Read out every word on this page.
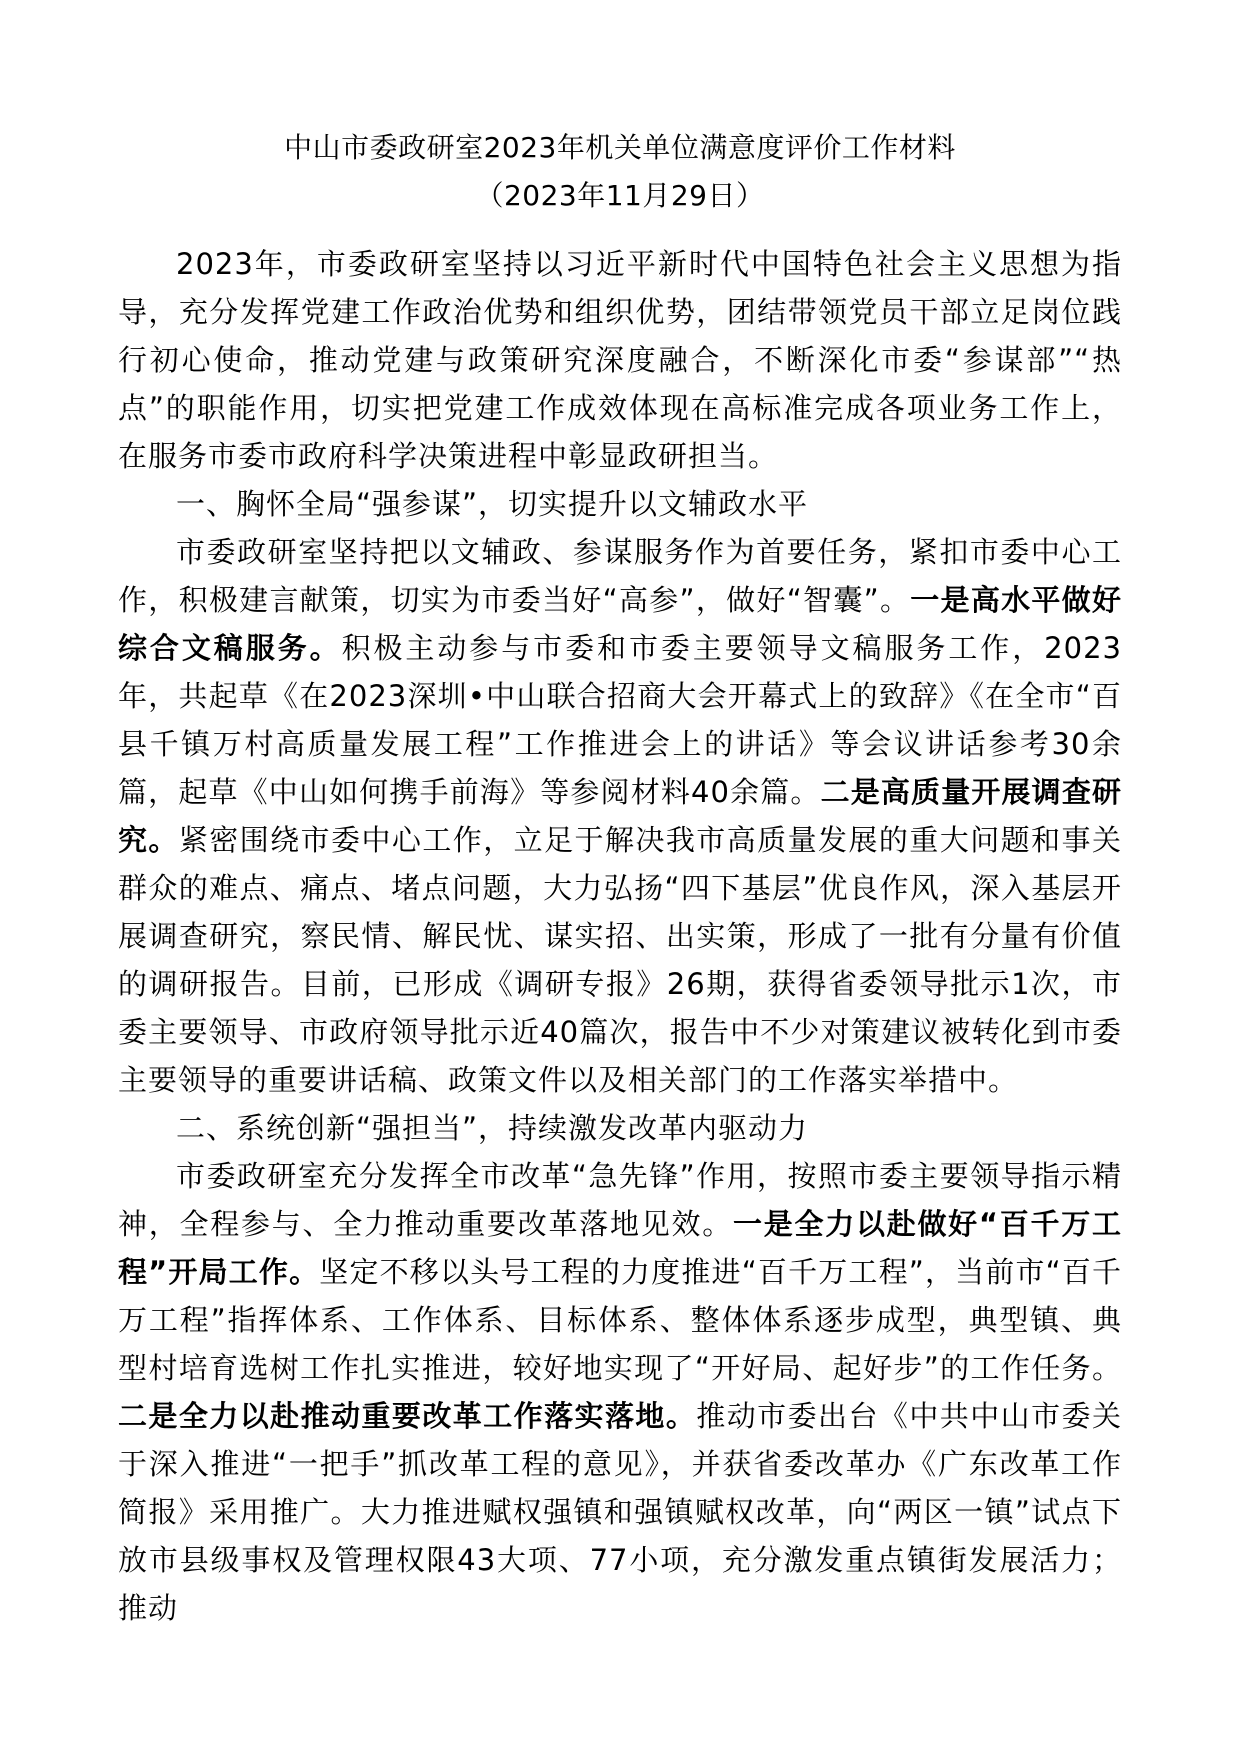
中山市委政研室2023年机关单位满意度评价工作材料
（2023年11月29日）

2023年，市委政研室坚持以习近平新时代中国特色社会主义思想为指导，充分发挥党建工作政治优势和组织优势，团结带领党员干部立足岗位践行初心使命，推动党建与政策研究深度融合，不断深化市委“参谋部”“热点”的职能作用，切实把党建工作成效体现在高标准完成各项业务工作上，在服务市委市政府科学决策进程中彰显政研担当。

一、胸怀全局“强参谋”，切实提升以文辅政水平

市委政研室坚持把以文辅政、参谋服务作为首要任务，紧扣市委中心工作，积极建言献策，切实为市委当好“高参”，做好“智囊”。一是高水平做好综合文稿服务。积极主动参与市委和市委主要领导文稿服务工作，2023年，共起草《在2023深圳•中山联合招商大会开幕式上的致辞》《在全市“百县千镇万村高质量发展工程”工作推进会上的讲话》等会议讲话参考30余篇，起草《中山如何携手前海》等参阅材料40余篇。二是高质量开展调查研究。紧密围绕市委中心工作，立足于解决我市高质量发展的重大问题和事关群众的难点、痛点、堵点问题，大力弘扬“四下基层”优良作风，深入基层开展调查研究，察民情、解民忧、谋实招、出实策，形成了一批有分量有价值的调研报告。目前，已形成《调研专报》26期，获得省委领导批示1次，市委主要领导、市政府领导批示近40篇次，报告中不少对策建议被转化到市委主要领导的重要讲话稿、政策文件以及相关部门的工作落实举措中。

二、系统创新“强担当”，持续激发改革内驱动力

市委政研室充分发挥全市改革“急先锋”作用，按照市委主要领导指示精神，全程参与、全力推动重要改革落地见效。一是全力以赴做好“百千万工程”开局工作。坚定不移以头号工程的力度推进“百千万工程”，当前市“百千万工程”指挥体系、工作体系、目标体系、整体体系逐步成型，典型镇、典型村培育选树工作扎实推进，较好地实现了“开好局、起好步”的工作任务。二是全力以赴推动重要改革工作落实落地。推动市委出台《中共中山市委关于深入推进“一把手”抓改革工程的意见》，并获省委改革办《广东改革工作简报》采用推广。大力推进赋权强镇和强镇赋权改革，向“两区一镇”试点下放市县级事权及管理权限43大项、77小项，充分激发重点镇街发展活力；推动
